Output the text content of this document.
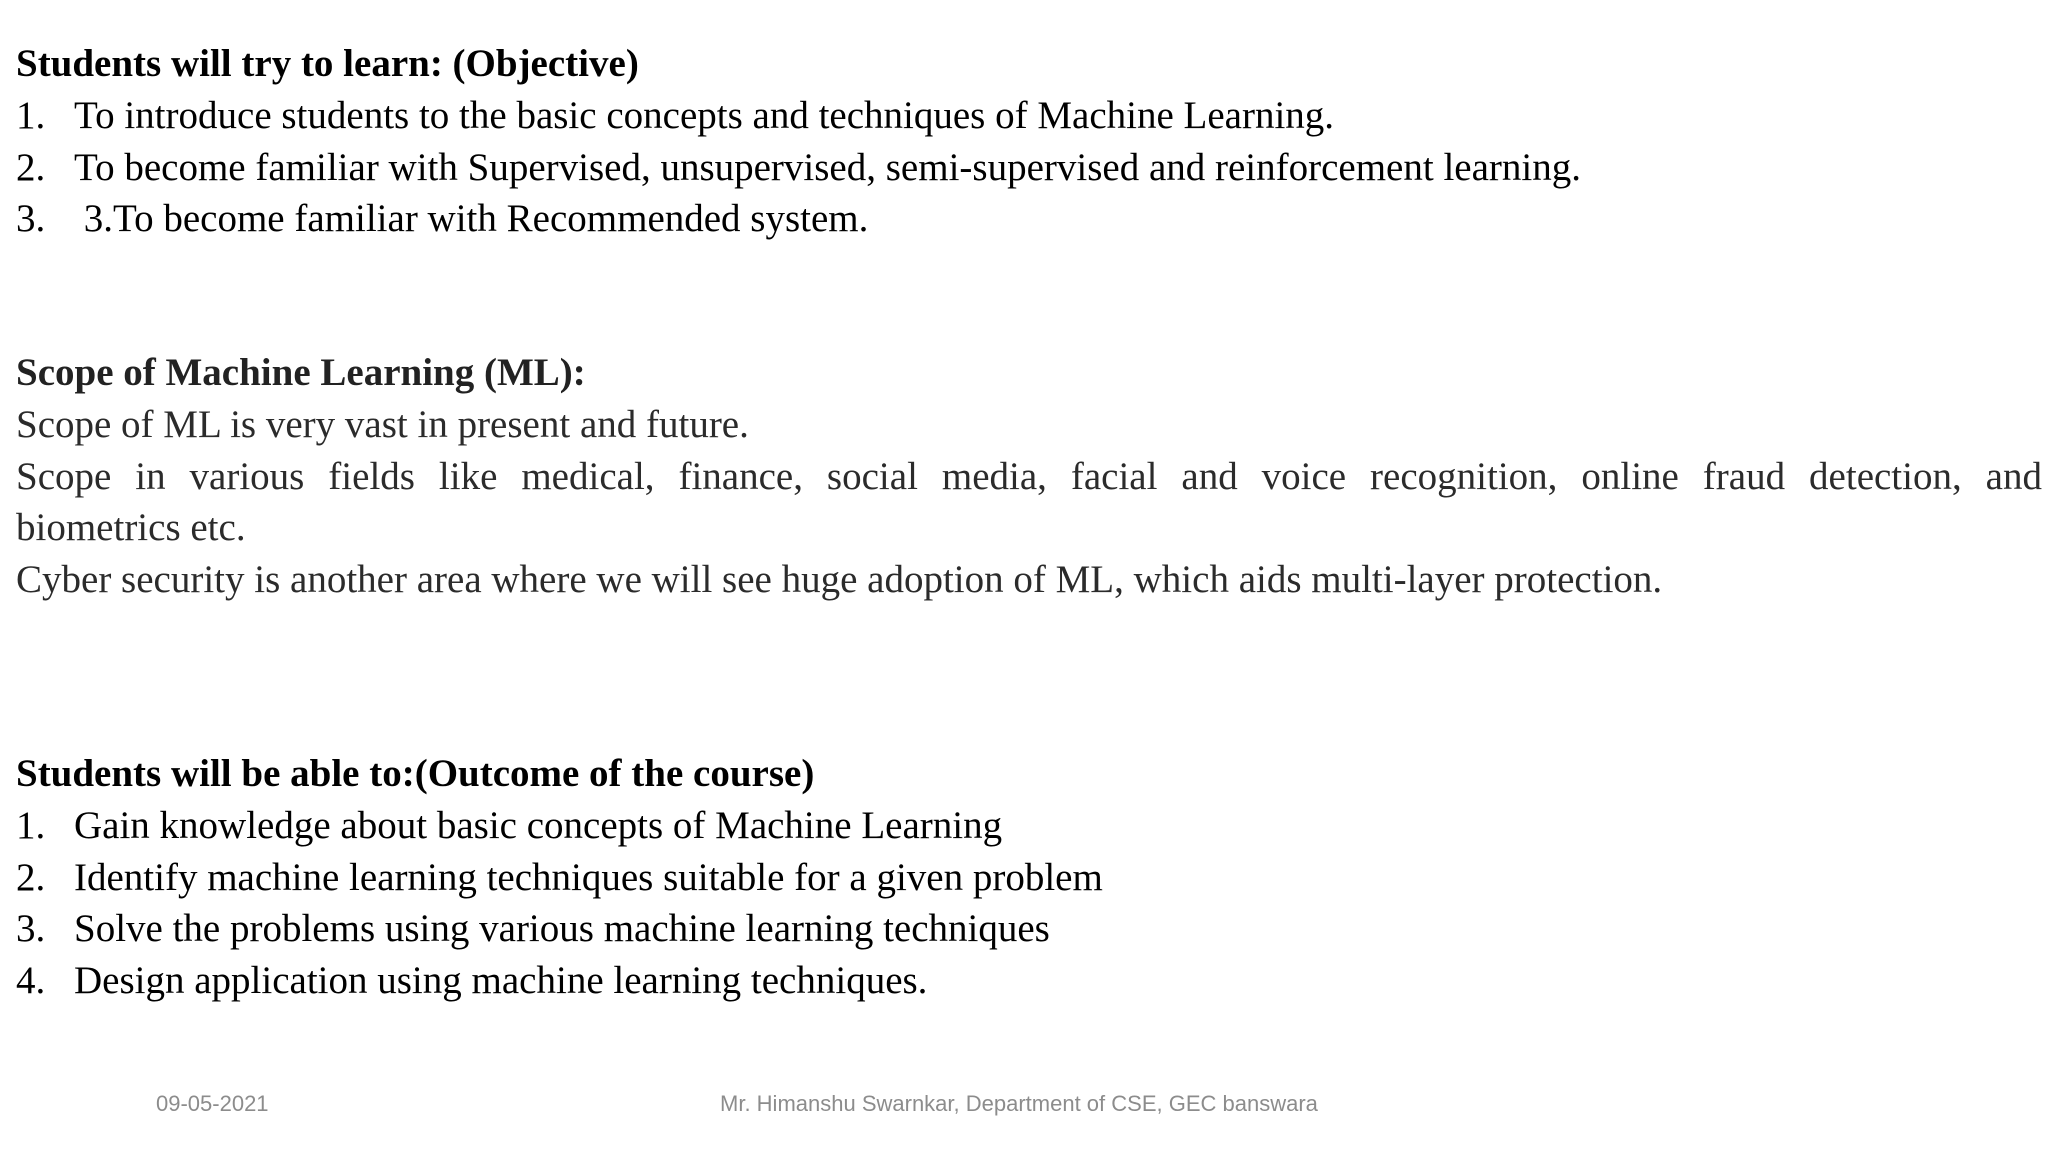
Students will try to learn: (Objective)
1. To introduce students to the basic concepts and techniques of Machine Learning.
2. To become familiar with Supervised, unsupervised, semi-supervised and reinforcement learning.
3. 3.To become familiar with Recommended system.
Scope of Machine Learning (ML):

Scope of ML is very vast in present and future.

Scope in various fields like medical, finance, social media, facial and voice recognition, online fraud detection, and
biometrics etc.

Cyber security is another area where we will see huge adoption of ML, which aids multi-layer protection.

Students will be able to:(Outcome of the course)
1. Gain knowledge about basic concepts of Machine Learning
2. Identify machine learning techniques suitable for a given problem
3. Solve the problems using various machine learning techniques
4. Design application using machine learning techniques.
09-05-2021	Mr. Himanshu Swarnkar, Department of CSE, GEC banswara
